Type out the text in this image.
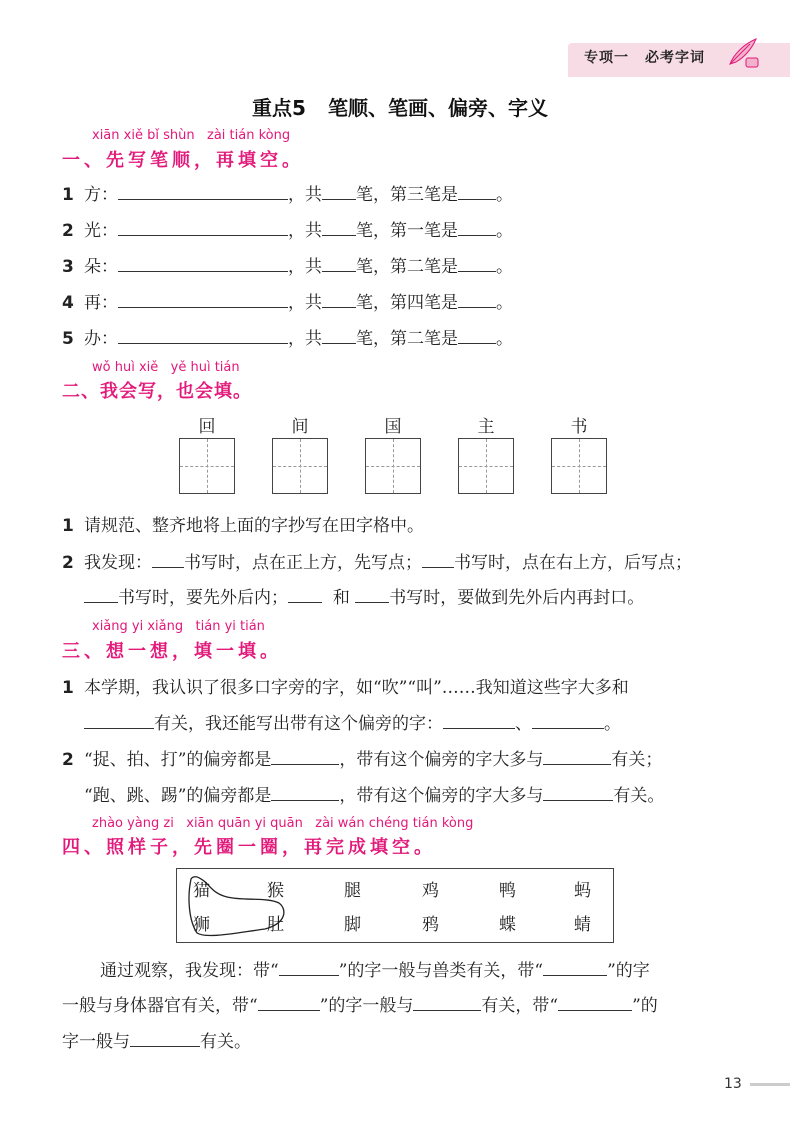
专项一 必考字词
重点5 笔顺、笔画、偏旁、字义
xiān xiě bǐ shùn zài tián kòng
一、先写笔顺，再填空。
1 方：	，共 笔，第三笔是 。
2 光：	，共 笔，第一笔是 。
3 朵：	，共 笔，第二笔是 。
4 再：	，共 笔，第四笔是 。
5 办：	，共 笔，第二笔是 。
wǒ huì xiě yě huì tián
二、我会写，也会填。
回	间	国	主	书
1 请规范、整齐地将上面的字抄写在田字格中。
2 我发现： 书写时，点在正上方，先写点； 书写时，点在右上方，后写点；
书写时，要先外后内；	和 书写时，要做到先外后内再封口。
xiǎng yi xiǎng tián yi tián
三、想一想，填一填。
1 本学期，我认识了很多口字旁的字，如“吹”“叫”……我知道这些字大多和
有关，我还能写出带有这个偏旁的字：	、	。
2 “捉、拍、打”的偏旁都是	，带有这个偏旁的字大多与	有关；
“跑、跳、踢”的偏旁都是	，带有这个偏旁的字大多与	有关。
zhào yàng zi xiān quān yi quān zài wán chéng tián kòng
四、照样子，先圈一圈，再完成填空。
猫	猴	腿	鸡	鸭	蚂
狮	肚	脚	鸦	蝶	蜻
通过观察，我发现：带“	”的字一般与兽类有关，带“	”的字
一般与身体器官有关，带“	”的字一般与	有关，带“	”的
字一般与	有关。
13
